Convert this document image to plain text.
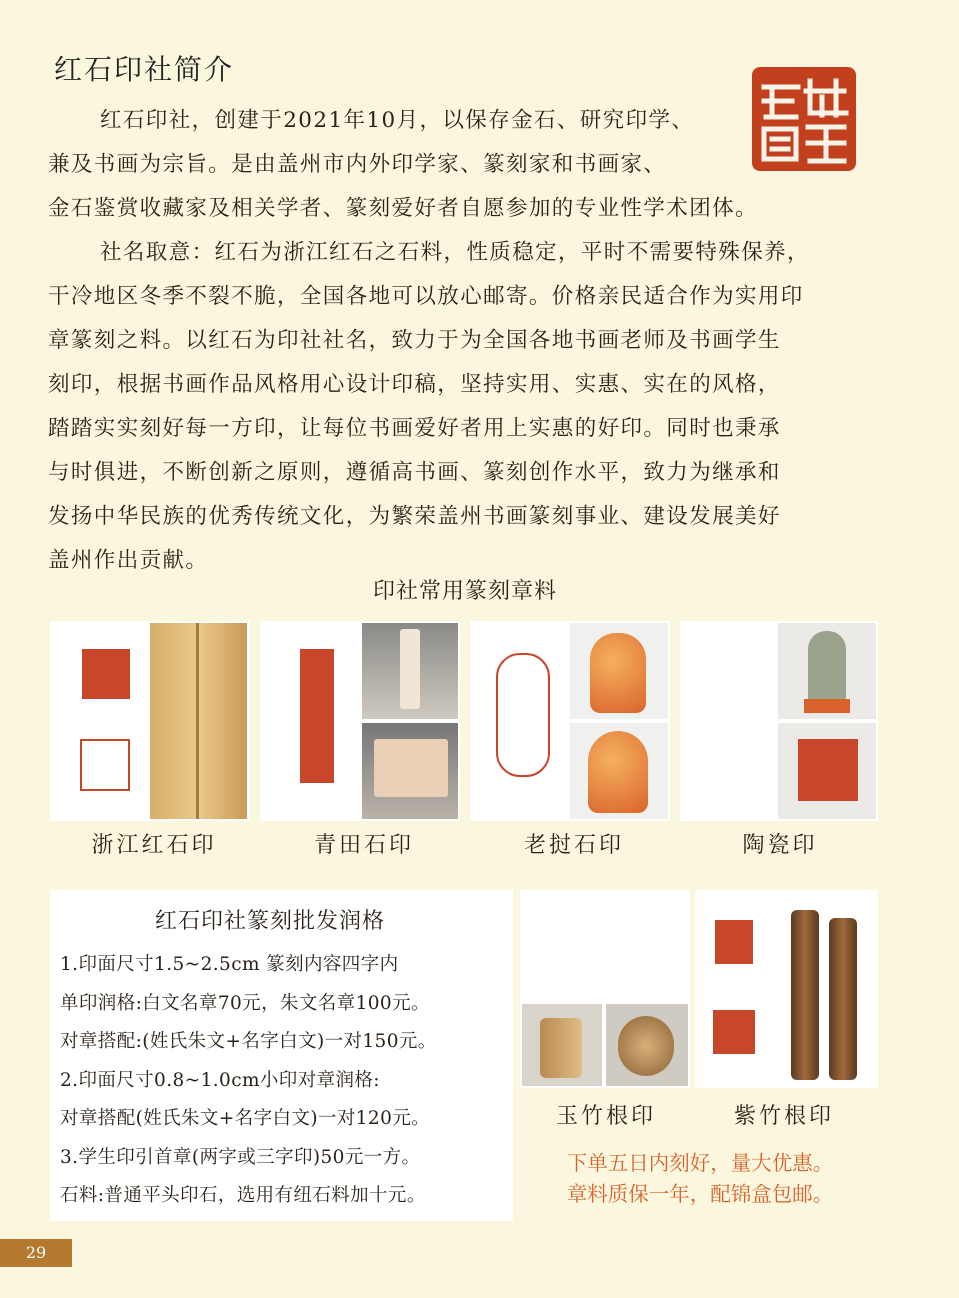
红石印社简介

红石印社，创建于2021年10月，以保存金石、研究印学、

兼及书画为宗旨。是由盖州市内外印学家、篆刻家和书画家、

金石鉴赏收藏家及相关学者、篆刻爱好者自愿参加的专业性学术团体。

社名取意：红石为浙江红石之石料，性质稳定，平时不需要特殊保养，

干冷地区冬季不裂不脆，全国各地可以放心邮寄。价格亲民适合作为实用印

章篆刻之料。以红石为印社社名，致力于为全国各地书画老师及书画学生

刻印，根据书画作品风格用心设计印稿，坚持实用、实惠、实在的风格，

踏踏实实刻好每一方印，让每位书画爱好者用上实惠的好印。同时也秉承

与时俱进，不断创新之原则，遵循高书画、篆刻创作水平，致力为继承和

发扬中华民族的优秀传统文化，为繁荣盖州书画篆刻事业、建设发展美好

盖州作出贡献。

印社常用篆刻章料
浙江红石印	青田石印	老挝石印	陶瓷印
红石印社篆刻批发润格
1.印面尺寸1.5~2.5cm 篆刻内容四字内
单印润格:白文名章70元，朱文名章100元。
对章搭配:(姓氏朱文+名字白文)一对150元。
2.印面尺寸0.8~1.0cm小印对章润格:
对章搭配(姓氏朱文+名字白文)一对120元。
3.学生印引首章(两字或三字印)50元一方。
石料:普通平头印石，选用有纽石料加十元。
玉竹根印	紫竹根印
下单五日内刻好，量大优惠。
章料质保一年，配锦盒包邮。
29
